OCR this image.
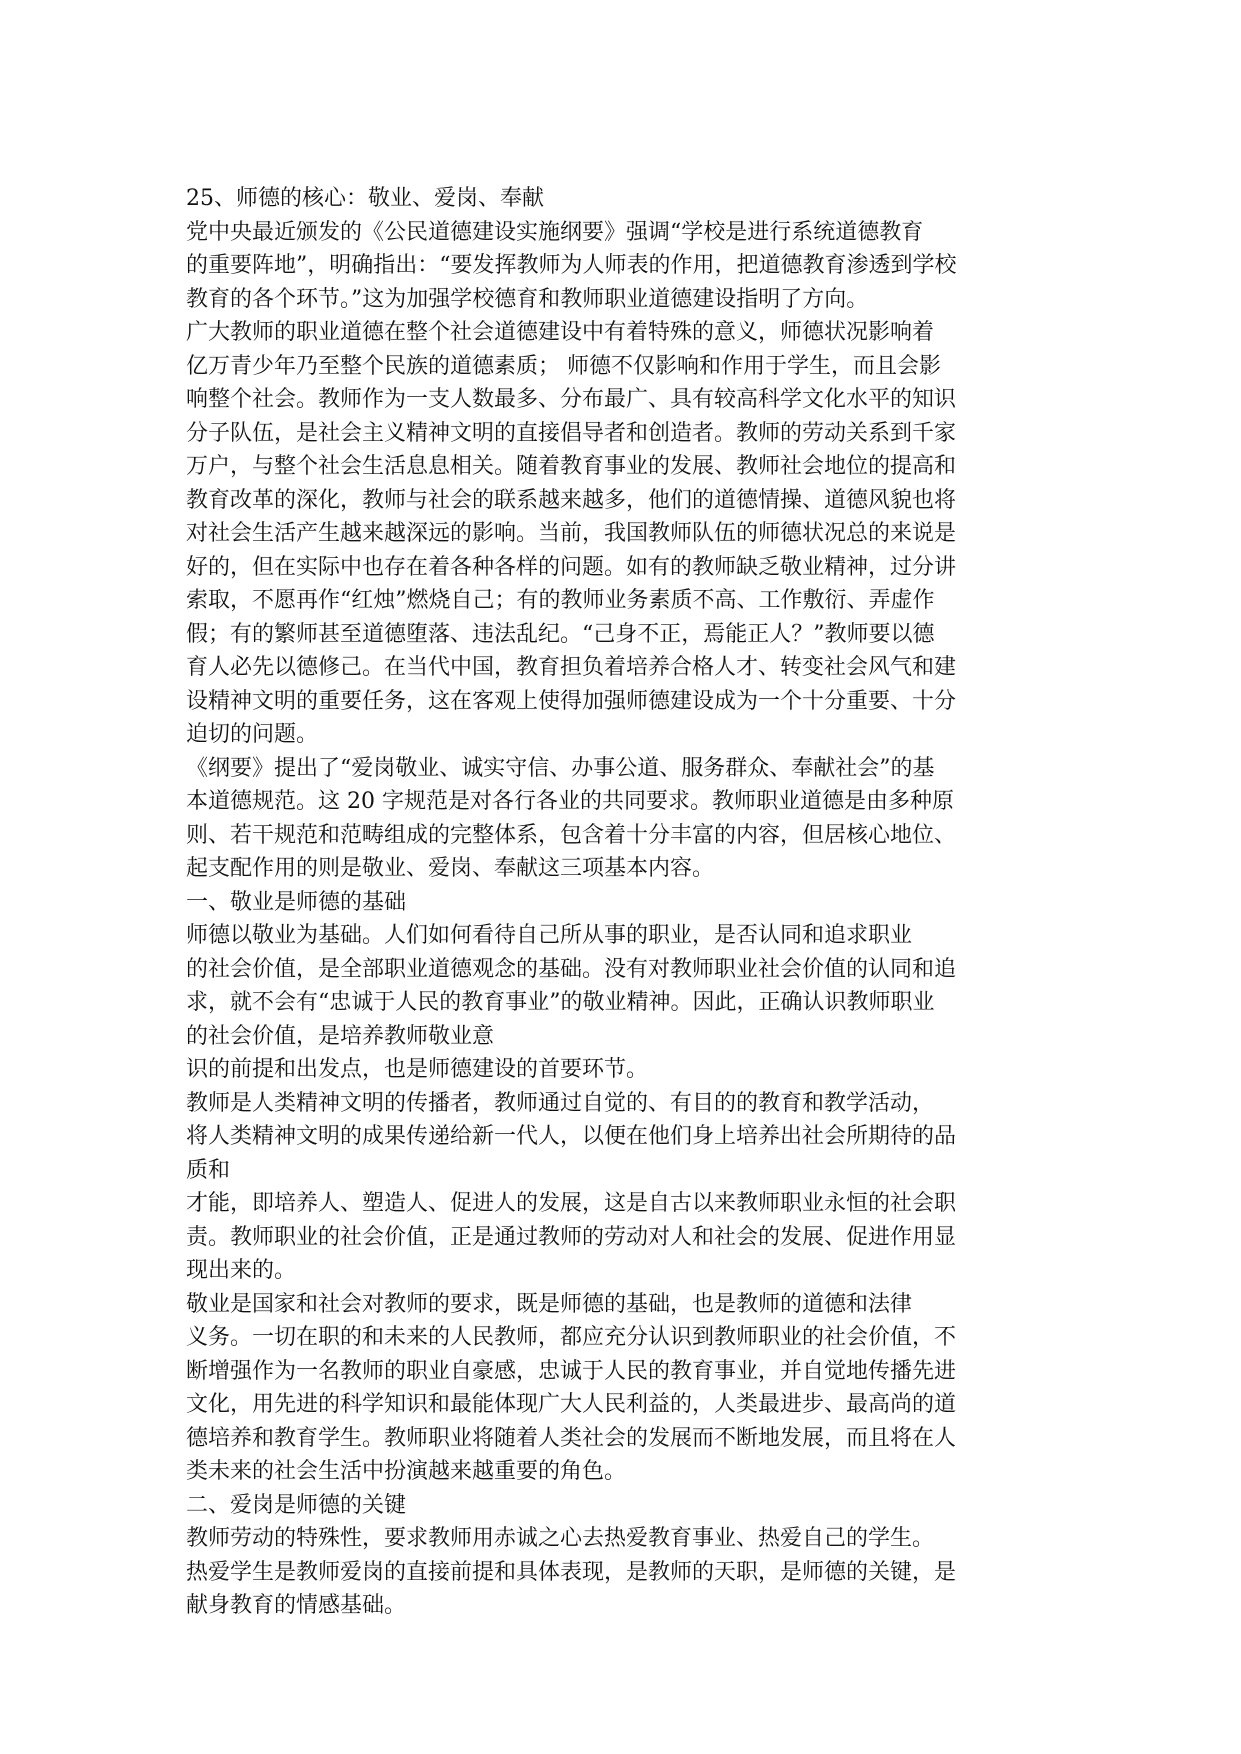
25、师德的核心：敬业、爱岗、奉献
党中央最近颁发的《公民道德建设实施纲要》强调“学校是进行系统道德教育
的重要阵地”，明确指出：“要发挥教师为人师表的作用，把道德教育渗透到学校
教育的各个环节。”这为加强学校德育和教师职业道德建设指明了方向。
广大教师的职业道德在整个社会道德建设中有着特殊的意义，师德状况影响着
亿万青少年乃至整个民族的道德素质； 师德不仅影响和作用于学生，而且会影
响整个社会。教师作为一支人数最多、分布最广、具有较高科学文化水平的知识
分子队伍，是社会主义精神文明的直接倡导者和创造者。教师的劳动关系到千家
万户，与整个社会生活息息相关。随着教育事业的发展、教师社会地位的提高和
教育改革的深化，教师与社会的联系越来越多，他们的道德情操、道德风貌也将
对社会生活产生越来越深远的影响。当前，我国教师队伍的师德状况总的来说是
好的，但在实际中也存在着各种各样的问题。如有的教师缺乏敬业精神，过分讲
索取，不愿再作“红烛”燃烧自己；有的教师业务素质不高、工作敷衍、弄虚作
假；有的繁师甚至道德堕落、违法乱纪。“己身不正，焉能正人？”教师要以德
育人必先以德修己。在当代中国，教育担负着培养合格人才、转变社会风气和建
设精神文明的重要任务，这在客观上使得加强师德建设成为一个十分重要、十分
迫切的问题。
《纲要》提出了“爱岗敬业、诚实守信、办事公道、服务群众、奉献社会”的基
本道德规范。这 20 字规范是对各行各业的共同要求。教师职业道德是由多种原
则、若干规范和范畴组成的完整体系，包含着十分丰富的内容，但居核心地位、
起支配作用的则是敬业、爱岗、奉献这三项基本内容。
一、敬业是师德的基础
师德以敬业为基础。人们如何看待自己所从事的职业，是否认同和追求职业
的社会价值，是全部职业道德观念的基础。没有对教师职业社会价值的认同和追
求，就不会有“忠诚于人民的教育事业”的敬业精神。因此，正确认识教师职业
的社会价值，是培养教师敬业意
识的前提和出发点，也是师德建设的首要环节。
教师是人类精神文明的传播者，教师通过自觉的、有目的的教育和教学活动，
将人类精神文明的成果传递给新一代人，以便在他们身上培养出社会所期待的品
质和
才能，即培养人、塑造人、促进人的发展，这是自古以来教师职业永恒的社会职
责。教师职业的社会价值，正是通过教师的劳动对人和社会的发展、促进作用显
现出来的。
敬业是国家和社会对教师的要求，既是师德的基础，也是教师的道德和法律
义务。一切在职的和未来的人民教师，都应充分认识到教师职业的社会价值，不
断增强作为一名教师的职业自豪感，忠诚于人民的教育事业，并自觉地传播先进
文化，用先进的科学知识和最能体现广大人民利益的，人类最进步、最高尚的道
德培养和教育学生。教师职业将随着人类社会的发展而不断地发展，而且将在人
类未来的社会生活中扮演越来越重要的角色。
二、爱岗是师德的关键
教师劳动的特殊性，要求教师用赤诚之心去热爱教育事业、热爱自己的学生。
热爱学生是教师爱岗的直接前提和具体表现，是教师的天职，是师德的关键，是
献身教育的情感基础。
